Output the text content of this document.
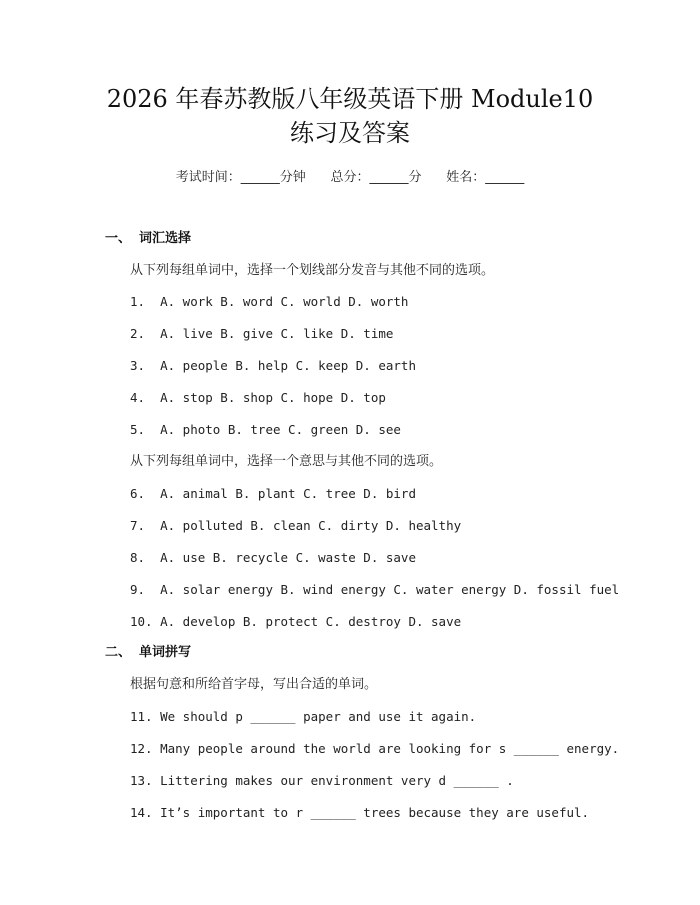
2026 年春苏教版八年级英语下册 Module10
练习及答案
考试时间：______分钟      总分：______分      姓名：______
一、 词汇选择
从下列每组单词中，选择一个划线部分发音与其他不同的选项。
1.  A. work B. word C. world D. worth
2.  A. live B. give C. like D. time
3.  A. people B. help C. keep D. earth
4.  A. stop B. shop C. hope D. top
5.  A. photo B. tree C. green D. see
从下列每组单词中，选择一个意思与其他不同的选项。
6.  A. animal B. plant C. tree D. bird
7.  A. polluted B. clean C. dirty D. healthy
8.  A. use B. recycle C. waste D. save
9.  A. solar energy B. wind energy C. water energy D. fossil fuel
10. A. develop B. protect C. destroy D. save
二、 单词拼写
根据句意和所给首字母，写出合适的单词。
11. We should p ______ paper and use it again.
12. Many people around the world are looking for s ______ energy.
13. Littering makes our environment very d ______ .
14. It’s important to r ______ trees because they are useful.
